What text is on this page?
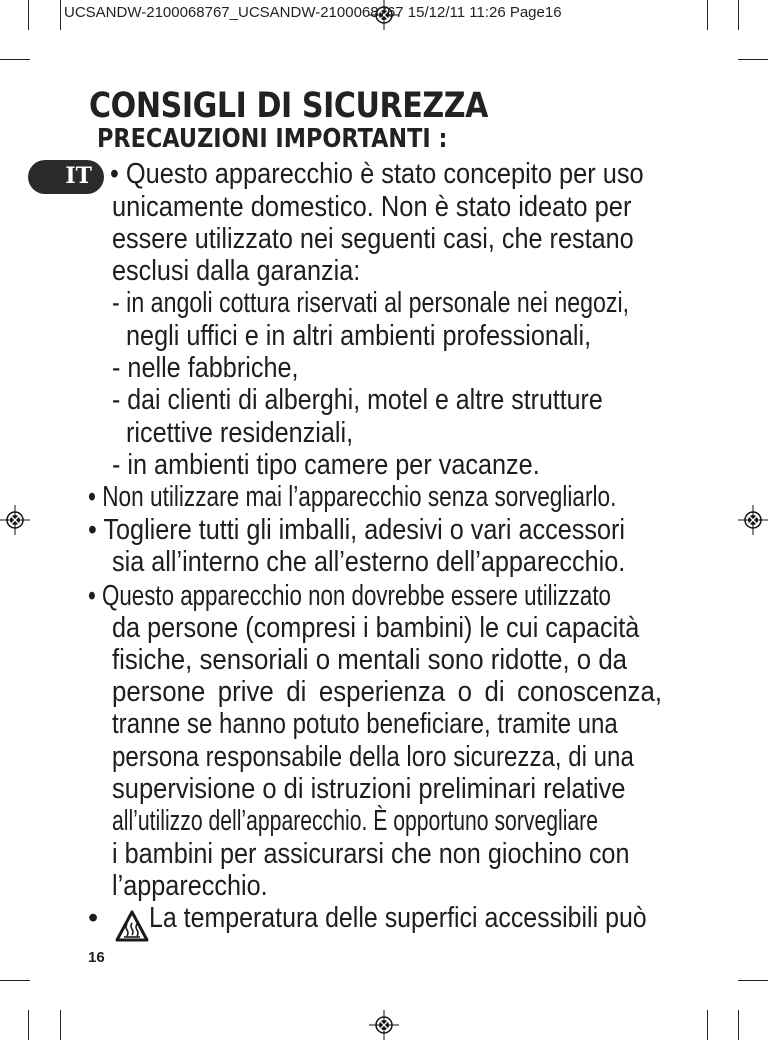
UCSANDW-2100068767_UCSANDW-2100068767 15/12/11 11:26 Page16
CONSIGLI DI SICUREZZA
PRECAUZIONI IMPORTANTI :
IT • Questo apparecchio è stato concepito per uso
unicamente domestico. Non è stato ideato per
essere utilizzato nei seguenti casi, che restano
esclusi dalla garanzia:
- in angoli cottura riservati al personale nei negozi,
negli uffici e in altri ambienti professionali,
- nelle fabbriche,
- dai clienti di alberghi, motel e altre strutture
ricettive residenziali,
- in ambienti tipo camere per vacanze.
• Non utilizzare mai l’apparecchio senza sorvegliarlo.
• Togliere tutti gli imballi, adesivi o vari accessori
sia all’interno che all’esterno dell’apparecchio.
• Questo apparecchio non dovrebbe essere utilizzato
da persone (compresi i bambini) le cui capacità
fisiche, sensoriali o mentali sono ridotte, o da
persone prive di esperienza o di conoscenza,
tranne se hanno potuto beneficiare, tramite una
persona responsabile della loro sicurezza, di una
supervisione o di istruzioni preliminari relative
all’utilizzo dell’apparecchio. È opportuno sorvegliare
i bambini per assicurarsi che non giochino con
l’apparecchio.
• La temperatura delle superfici accessibili può
16
